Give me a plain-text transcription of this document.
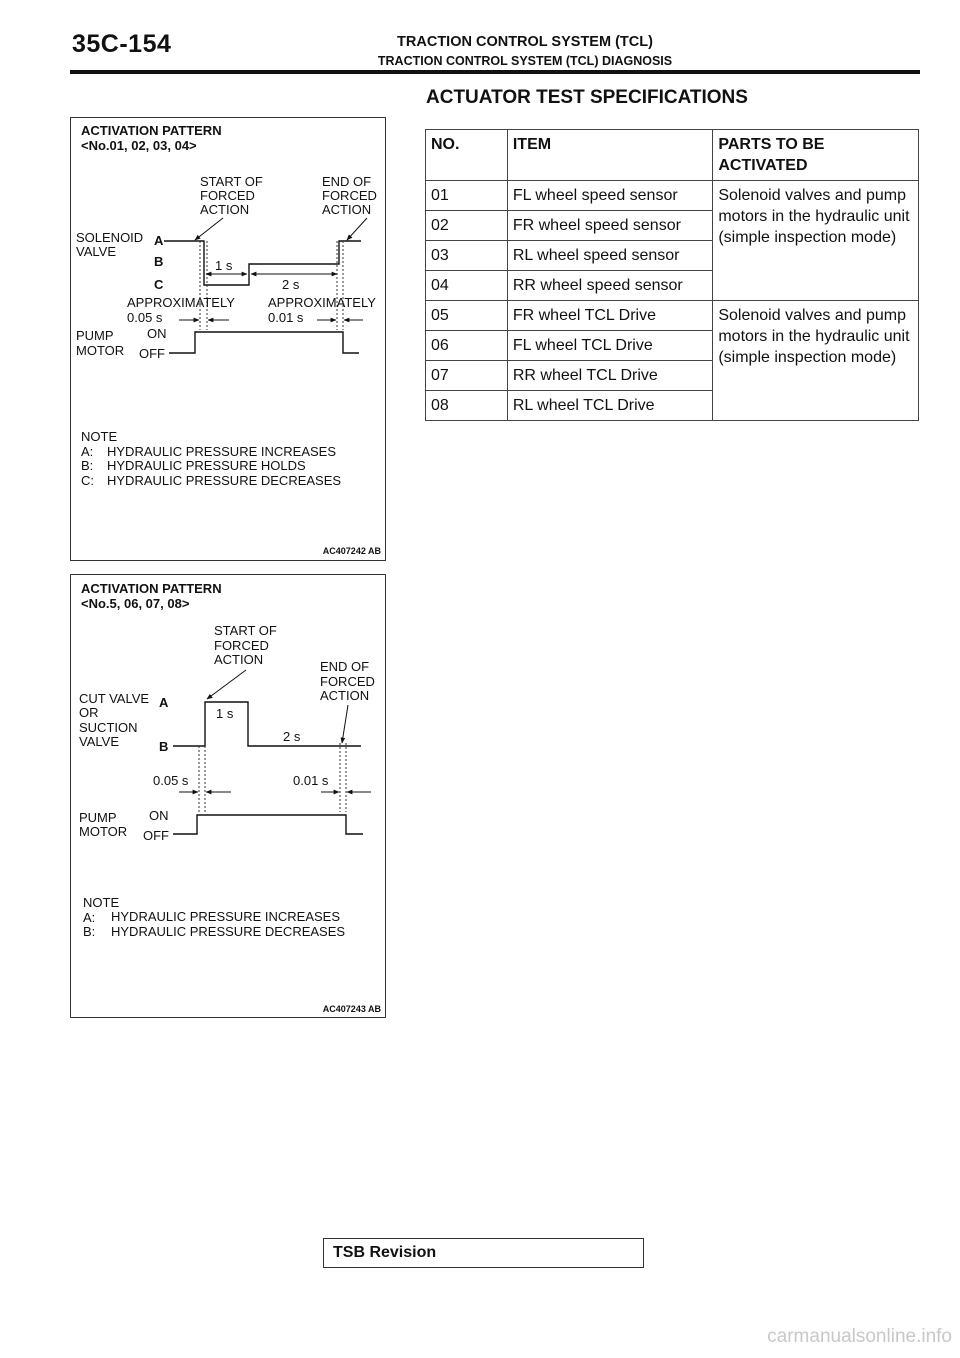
35C-154	TRACTION CONTROL SYSTEM (TCL)
TRACTION CONTROL SYSTEM (TCL) DIAGNOSIS
ACTUATOR TEST SPECIFICATIONS
ACTIVATION PATTERN
<No.01, 02, 03, 04>
START OF
FORCED
ACTION
END OF
FORCED
ACTION
SOLENOID
VALVE
A
B
C
1 s
2 s
APPROXIMATELY
0.05 s
APPROXIMATELY
0.01 s
PUMP
MOTOR
ON
OFF
NOTE
A: HYDRAULIC PRESSURE INCREASES
B: HYDRAULIC PRESSURE HOLDS
C: HYDRAULIC PRESSURE DECREASES
AC407242 AB
ACTIVATION PATTERN
<No.5, 06, 07, 08>
START OF
FORCED
ACTION	END OF
FORCED
ACTION
CUT VALVE
OR
SUCTION
VALVE
A
B
1 s
2 s
0.05 s	0.01 s
PUMP
MOTOR
ON
OFF
NOTE
A: HYDRAULIC PRESSURE INCREASES
B: HYDRAULIC PRESSURE DECREASES
AC407243 AB
NO.	ITEM	PARTS TO BE ACTIVATED
01	FL wheel speed sensor	Solenoid valves and pump motors in the hydraulic unit (simple inspection mode)
02	FR wheel speed sensor	
03	RL wheel speed sensor	
04	RR wheel speed sensor	
05	FR wheel TCL Drive	Solenoid valves and pump motors in the hydraulic unit (simple inspection mode)
06	FL wheel TCL Drive	
07	RR wheel TCL Drive	
08	RL wheel TCL Drive	
TSB Revision
carmanualsonline.info
